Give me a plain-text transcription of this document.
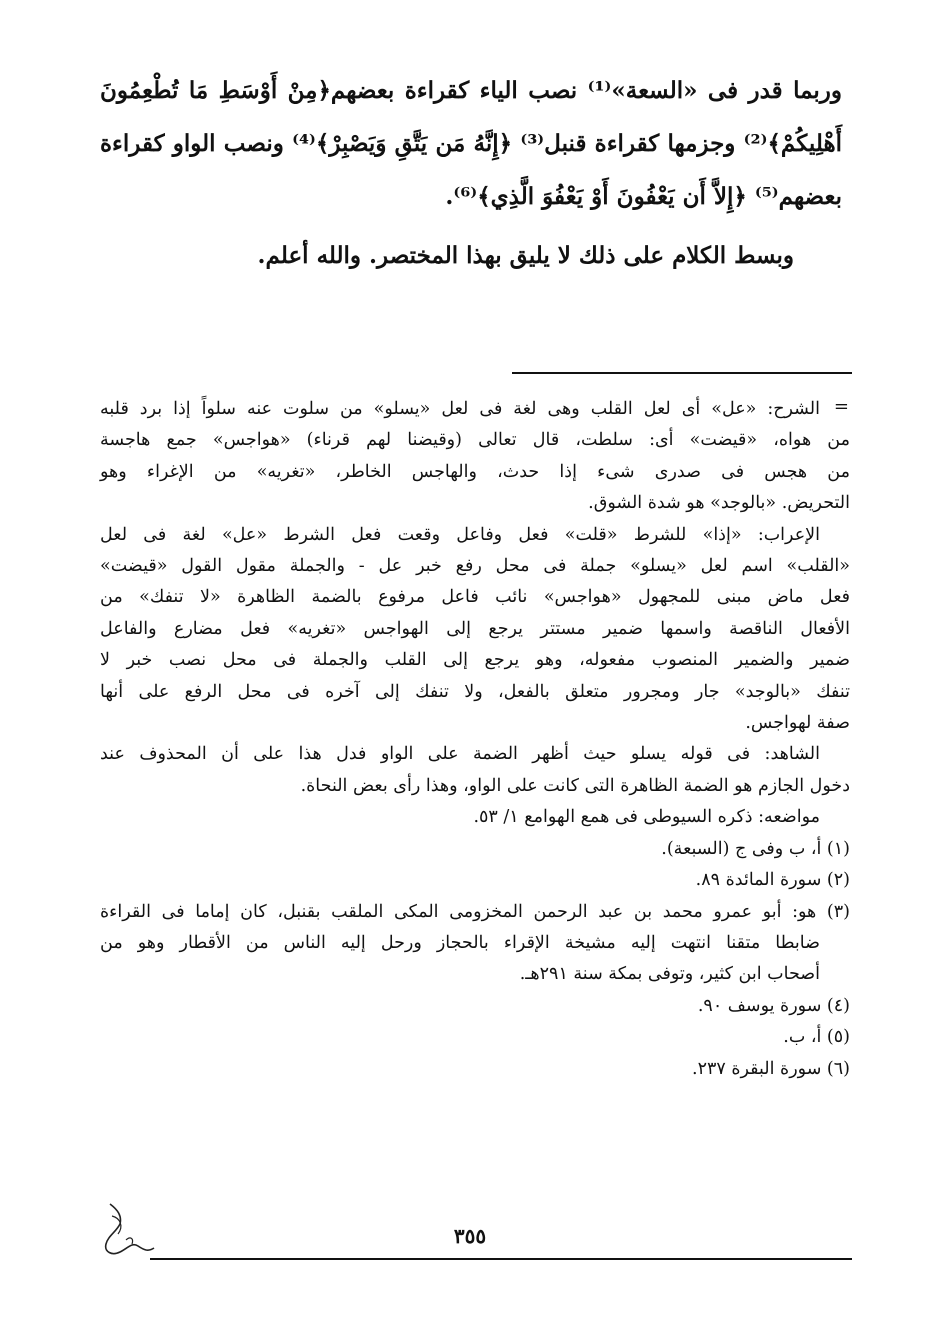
وربما قدر فى «السعة»⁽¹⁾ نصب الياء كقراءة بعضهم﴿مِنْ أَوْسَطِ مَا تُطْعِمُونَ
أَهْلِيكُمْ﴾⁽²⁾ وجزمها كقراءة قنبل⁽³⁾ ﴿إِنَّهُ مَن يَتَّقِ وَيَصْبِرْ﴾⁽⁴⁾ ونصب الواو كقراءة
بعضهم⁽⁵⁾ ﴿إِلاَّ أَن يَعْفُونَ أَوْ يَعْفُوَ الَّذِي﴾⁽⁶⁾.
وبسط الكلام على ذلك لا يليق بهذا المختصر. والله أعلم.
=
الشرح: «عل» أى لعل القلب وهى لغة فى لعل «يسلو» من سلوت عنه سلواً إذا برد قلبه
من هواه، «قيضت» أى: سلطت، قال تعالى (وقيضنا لهم قرناء) «هواجس» جمع هاجسة
من هجس فى صدرى شىء إذا حدث، والهاجس الخاطر، «تغريه» من الإغراء وهو
التحريض. «بالوجد» هو شدة الشوق.
الإعراب: «إذا» للشرط «قلت» فعل وفاعل وقعت فعل الشرط «عل» لغة فى لعل
«القلب» اسم لعل «يسلو» جملة فى محل رفع خبر عل - والجملة مقول القول «قيضت»
فعل ماض مبنى للمجهول «هواجس» نائب فاعل مرفوع بالضمة الظاهرة «لا تنفك» من
الأفعال الناقصة واسمها ضمير مستتر يرجع إلى الهواجس «تغريه» فعل مضارع والفاعل
ضمير والضمير المنصوب مفعوله، وهو يرجع إلى القلب والجملة فى محل نصب خبر لا
تنفك «بالوجد» جار ومجرور متعلق بالفعل، ولا تنفك إلى آخره فى محل الرفع على أنها
صفة لهواجس.
الشاهد: فى قوله يسلو حيث أظهر الضمة على الواو فدل هذا على أن المحذوف عند
دخول الجازم هو الضمة الظاهرة التى كانت على الواو، وهذا رأى بعض النحاة.
مواضعه: ذكره السيوطى فى همع الهوامع ١/ ٥٣.
(١) أ، ب وفى ج (السبعة).
(٢) سورة المائدة ٨٩.
(٣) هو: أبو عمرو محمد بن عبد الرحمن المخزومى المكى الملقب بقنبل، كان إماما فى القراءة
ضابطا متقنا انتهت إليه مشيخة الإقراء بالحجاز ورحل إليه الناس من الأقطار وهو من
أصحاب ابن كثير، وتوفى بمكة سنة ٢٩١هـ.
(٤) سورة يوسف ٩٠.
(٥) أ، ب.
(٦) سورة البقرة ٢٣٧.
٣٥٥
